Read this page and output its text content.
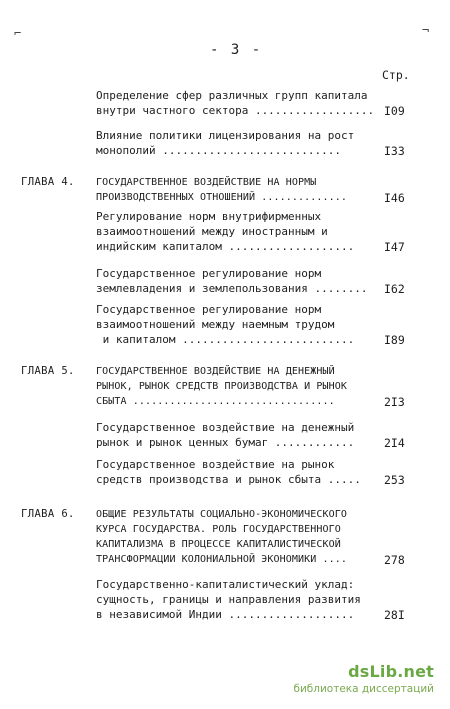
⌐	¬
- 3 -
Стр.
Определение сфер различных групп капитала
внутри частного сектора ..................
Влияние политики лицензирования на рост
монополий ...........................
ГОСУДАРСТВЕННОЕ ВОЗДЕЙСТВИЕ НА НОРМЫ
ПРОИЗВОДСТВЕННЫХ ОТНОШЕНИЙ ..............
Регулирование норм внутрифирменных
взаимоотношений между иностранным и
индийским капиталом ...................
Государственное регулирование норм
землевладения и землепользования ........
Государственное регулирование норм
взаимоотношений между наемным трудом
и капиталом ..........................
ГОСУДАРСТВЕННОЕ ВОЗДЕЙСТВИЕ НА ДЕНЕЖНЫЙ
РЫНОК, РЫНОК СРЕДСТВ ПРОИЗВОДСТВА И РЫНОК
СБЫТА .................................
Государственное воздействие на денежный
рынок и рынок ценных бумаг ............
Государственное воздействие на рынок
средств производства и рынок сбыта .....
ОБЩИЕ РЕЗУЛЬТАТЫ СОЦИАЛЬНО-ЭКОНОМИЧЕСКОГО
КУРСА ГОСУДАРСТВА. РОЛЬ ГОСУДАРСТВЕННОГО
КАПИТАЛИЗМА В ПРОЦЕССЕ КАПИТАЛИСТИЧЕСКОЙ
ТРАНСФОРМАЦИИ КОЛОНИАЛЬНОЙ ЭКОНОМИКИ ....
Государственно-капиталистический уклад:
сущность, границы и направления развития
в независимой Индии ...................
ГЛАВА 4.
ГЛАВА 5.
ГЛАВА 6.
I09
I33
I46
I47
I62
I89
2I3
2I4
253
278
28I
dsLib.net
библиотека диссертаций
